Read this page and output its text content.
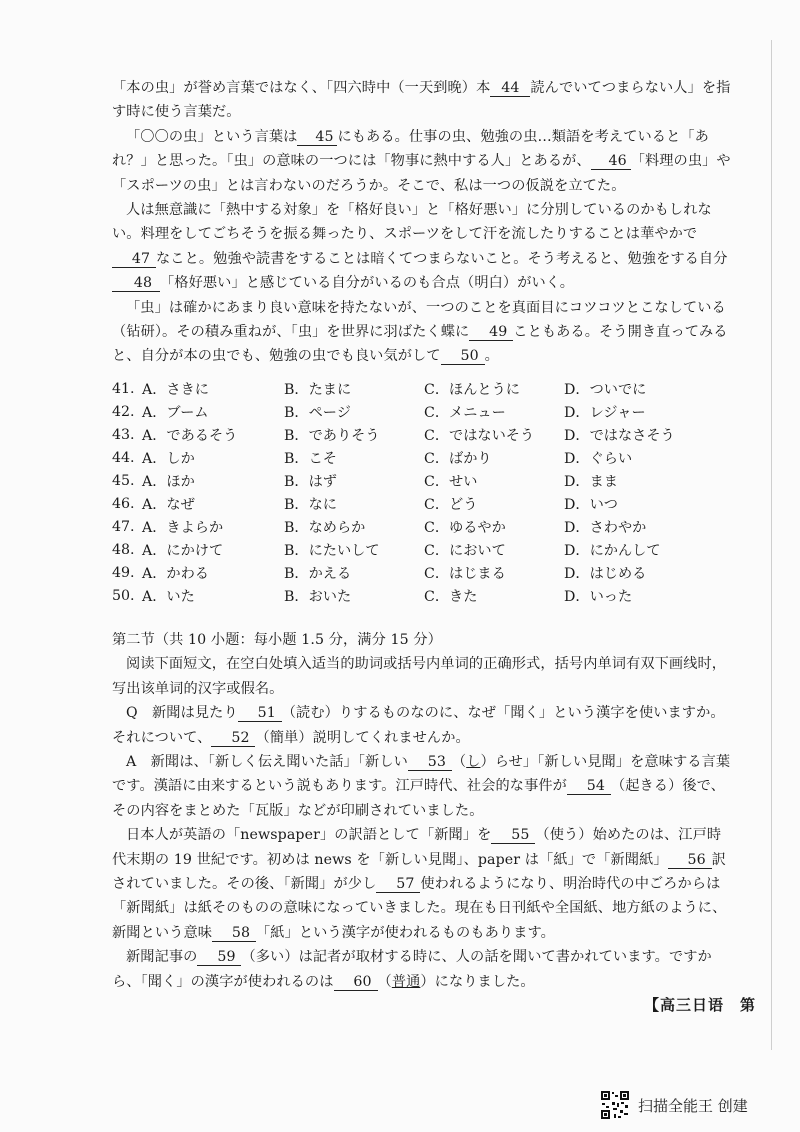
「本の虫」が誉め言葉ではなく、「四六時中（一天到晚）本 44 読んでいてつまらない人」を指す時に使う言葉だ。

「〇〇の虫」という言葉は 45 にもある。仕事の虫、勉強の虫…類語を考えていると「あれ？」と思った。「虫」の意味の一つには「物事に熱中する人」とあるが、 46 「料理の虫」や「スポーツの虫」とは言わないのだろうか。そこで、私は一つの仮説を立てた。

人は無意識に「熱中する対象」を「格好良い」と「格好悪い」に分別しているのかもしれない。料理をしてごちそうを振る舞ったり、スポーツをして汗を流したりすることは華やかで47 なこと。勉強や読書をすることは暗くてつまらないこと。そう考えると、勉強をする自分48 「格好悪い」と感じている自分がいるのも合点（明白）がいく。

「虫」は確かにあまり良い意味を持たないが、一つのことを真面目にコツコツとこなしている（钻研）。その積み重ねが、「虫」を世界に羽ばたく蝶に 49 こともある。そう開き直ってみると、自分が本の虫でも、勉強の虫でも良い気がして 50 。

41. A．さきに	B．たまに	C．ほんとうに	D．ついでに
42. A．ブーム	B．ページ	C．メニュー	D．レジャー
43. A．であるそう	B．でありそう	C．ではないそう	D．ではなさそう
44. A．しか	B．こそ	C．ばかり	D．ぐらい
45. A．ほか	B．はず	C．せい	D．まま
46. A．なぜ	B．なに	C．どう	D．いつ
47. A．きよらか	B．なめらか	C．ゆるやか	D．さわやか
48. A．にかけて	B．にたいして	C．において	D．にかんして
49. A．かわる	B．かえる	C．はじまる	D．はじめる
50. A．いた	B．おいた	C．きた	D．いった

第二节（共 10 小题：每小题 1.5 分，满分 15 分）

阅读下面短文，在空白处填入适当的助词或括号内单词的正确形式，括号内单词有双下画线时，写出该单词的汉字或假名。

Q　新聞は見たり 51 （読む）りするものなのに、なぜ「聞く」という漢字を使いますか。それについて、 52 （簡単）説明してくれませんか。

A　新聞は、「新しく伝え聞いた話」「新しい 53 （し）らせ」「新しい見聞」を意味する言葉です。漢語に由来するという説もあります。江戸時代、社会的な事件が 54 （起きる）後で、その内容をまとめた「瓦版」などが印刷されていました。

日本人が英語の「newspaper」の訳語として「新聞」を 55 （使う）始めたのは、江戸時代末期の 19 世紀です。初めは news を「新しい見聞」、paper は「紙」で「新聞紙」 56 訳されていました。その後、「新聞」が少し 57 使われるようになり、明治時代の中ごろからは「新聞紙」は紙そのものの意味になっていきました。現在も日刊紙や全国紙、地方紙のように、新聞という意味 58 「紙」という漢字が使われるものもあります。

新聞記事の 59 （多い）は記者が取材する時に、人の話を聞いて書かれています。ですから、「聞く」の漢字が使われるのは 60 （普通）になりました。

【高三日语　第
扫描全能王 创建
